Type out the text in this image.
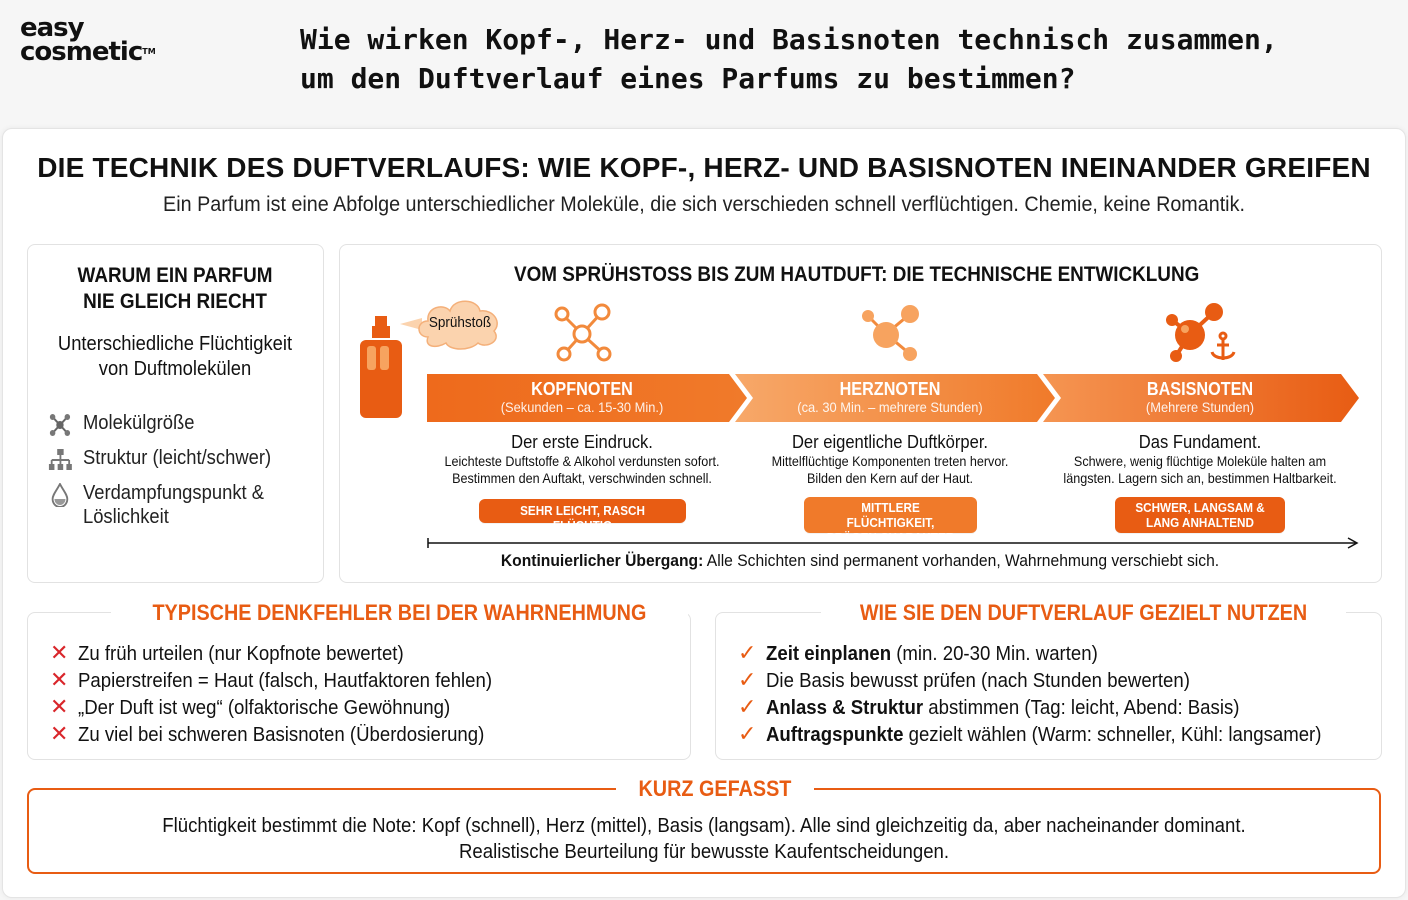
easy
cosmetic™	Wie wirken Kopf-, Herz- und Basisnoten technisch zusammen,
um den Duftverlauf eines Parfums zu bestimmen?
DIE TECHNIK DES DUFTVERLAUFS: WIE KOPF-, HERZ- UND BASISNOTEN INEINANDER GREIFEN
Ein Parfum ist eine Abfolge unterschiedlicher Moleküle, die sich verschieden schnell verflüchtigen. Chemie, keine Romantik.
WARUM EIN PARFUM
NIE GLEICH RIECHT
Unterschiedliche Flüchtigkeit
von Duftmolekülen
Molekülgröße
Struktur (leicht/schwer)
Verdampfungspunkt & Löslichkeit
VOM SPRÜHSTOSS BIS ZUM HAUTDUFT: DIE TECHNISCHE ENTWICKLUNG
Sprühstoß
KOPFNOTEN
(Sekunden – ca. 15-30 Min.)
HERZNOTEN
(ca. 30 Min. – mehrere Stunden)
BASISNOTEN
(Mehrere Stunden)
Der erste Eindruck.
Leichteste Duftstoffe & Alkohol verdunsten sofort.
Bestimmen den Auftakt, verschwinden schnell.
Der eigentliche Duftkörper.
Mittelflüchtige Komponenten treten hervor.
Bilden den Kern auf der Haut.
Das Fundament.
Schwere, wenig flüchtige Moleküle halten am
längsten. Lagern sich an, bestimmen Haltbarkeit.
SEHR LEICHT, RASCH FLÜCHTIG
MITTLERE FLÜCHTIGKEIT,
PRÄGEN CHARAKTER
SCHWER, LANGSAM &
LANG ANHALTEND
Kontinuierlicher Übergang: Alle Schichten sind permanent vorhanden, Wahrnehmung verschiebt sich.
TYPISCHE DENKFEHLER BEI DER WAHRNEHMUNG
✕ Zu früh urteilen (nur Kopfnote bewertet)
✕ Papierstreifen = Haut (falsch, Hautfaktoren fehlen)
✕ „Der Duft ist weg“ (olfaktorische Gewöhnung)
✕ Zu viel bei schweren Basisnoten (Überdosierung)
WIE SIE DEN DUFTVERLAUF GEZIELT NUTZEN
✓ Zeit einplanen (min. 20-30 Min. warten)
✓ Die Basis bewusst prüfen (nach Stunden bewerten)
✓ Anlass & Struktur abstimmen (Tag: leicht, Abend: Basis)
✓ Auftragspunkte gezielt wählen (Warm: schneller, Kühl: langsamer)
KURZ GEFASST
Flüchtigkeit bestimmt die Note: Kopf (schnell), Herz (mittel), Basis (langsam). Alle sind gleichzeitig da, aber nacheinander dominant.
Realistische Beurteilung für bewusste Kaufentscheidungen.
